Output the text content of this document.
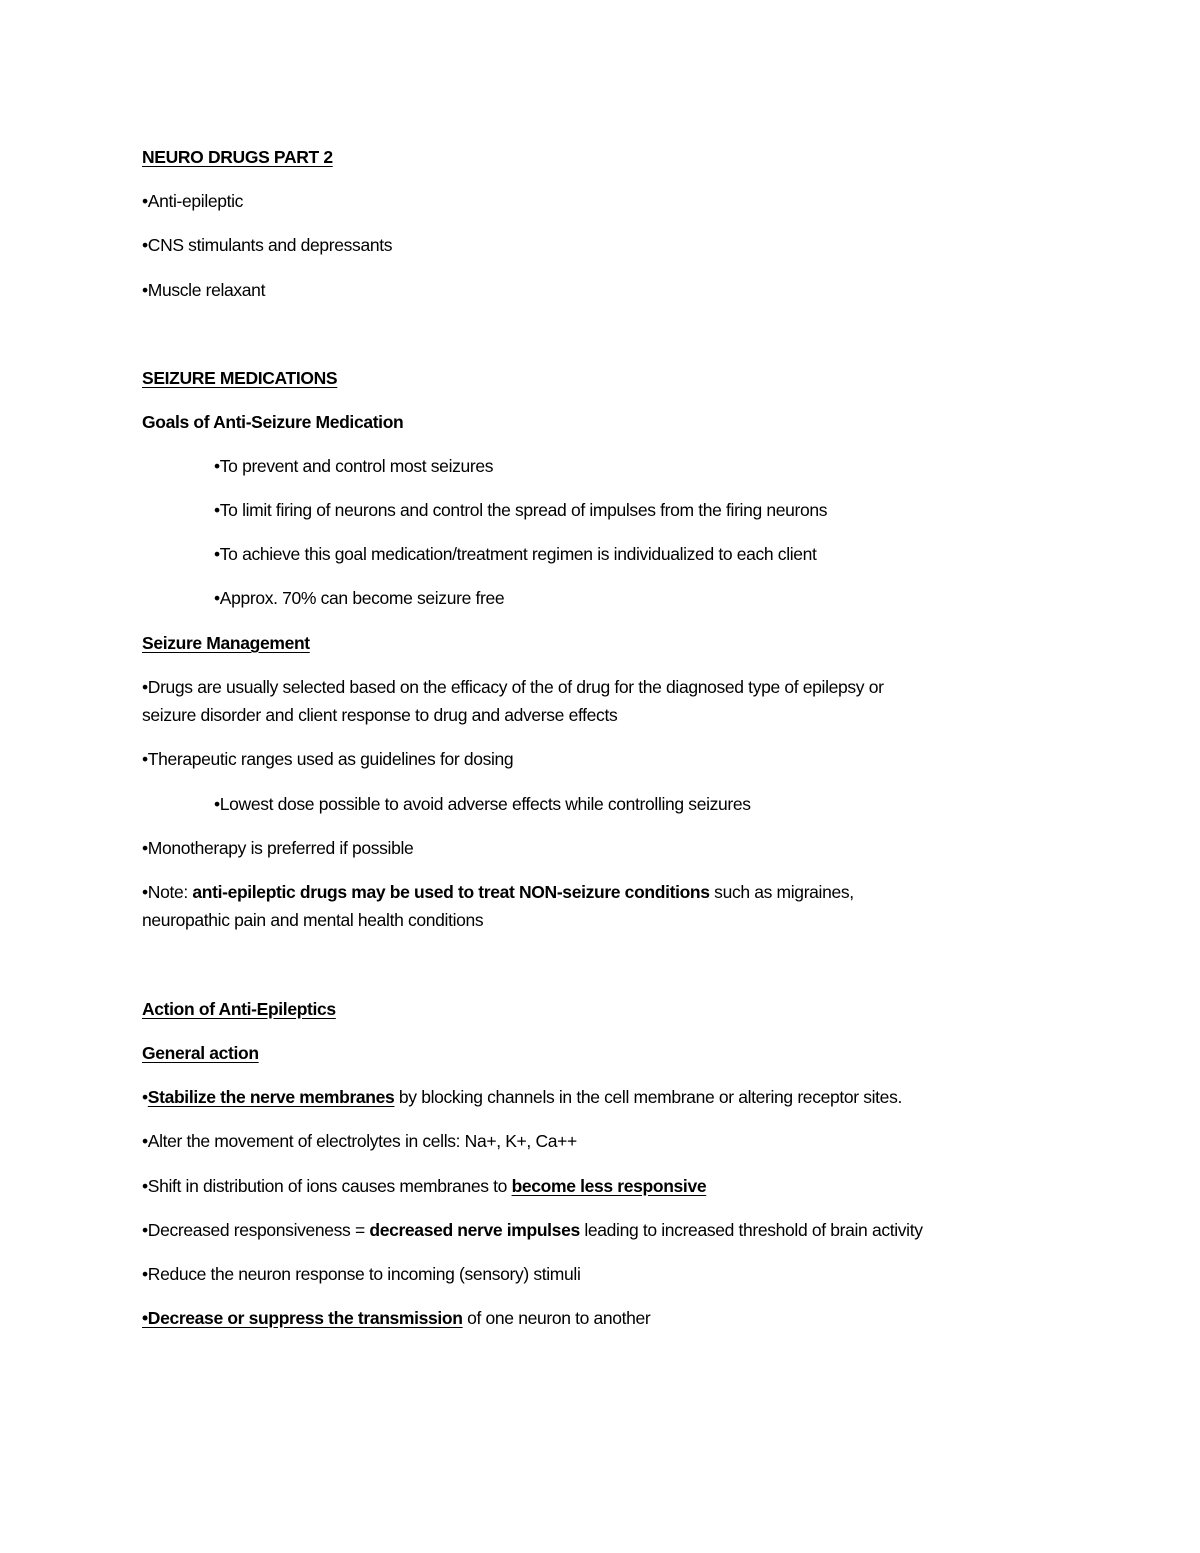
NEURO DRUGS PART 2
•Anti-epileptic
•CNS stimulants and depressants
•Muscle relaxant
SEIZURE MEDICATIONS
Goals of Anti-Seizure Medication
•To prevent and control most seizures
•To limit firing of neurons and control the spread of impulses from the firing neurons
•To achieve this goal medication/treatment regimen is individualized to each client
•Approx. 70% can become seizure free
Seizure Management
•Drugs are usually selected based on the efficacy of the of drug for the diagnosed type of epilepsy or
seizure disorder and client response to drug and adverse effects
•Therapeutic ranges used as guidelines for dosing
•Lowest dose possible to avoid adverse effects while controlling seizures
•Monotherapy is preferred if possible
•Note: anti-epileptic drugs may be used to treat NON-seizure conditions such as migraines,
neuropathic pain and mental health conditions
Action of Anti-Epileptics
General action
•Stabilize the nerve membranes by blocking channels in the cell membrane or altering receptor sites.
•Alter the movement of electrolytes in cells: Na+, K+, Ca++
•Shift in distribution of ions causes membranes to become less responsive
•Decreased responsiveness = decreased nerve impulses leading to increased threshold of brain activity
•Reduce the neuron response to incoming (sensory) stimuli
•Decrease or suppress the transmission of one neuron to another
